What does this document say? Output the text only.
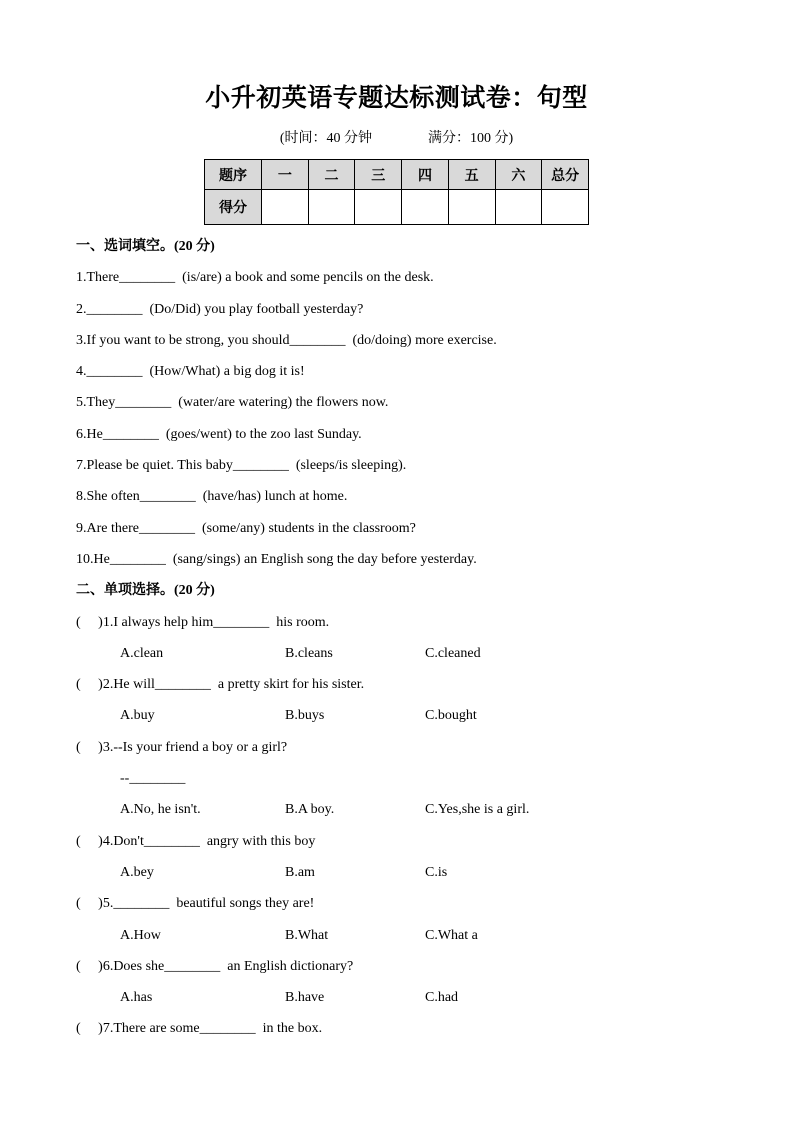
小升初英语专题达标测试卷：句型
(时间：40 分钟　　　　满分：100 分)
题序	一	二	三	四	五	六	总分
得分							
一、选词填空。(20 分)
1.There________  (is/are) a book and some pencils on the desk.
2.________  (Do/Did) you play football yesterday?
3.If you want to be strong, you should________  (do/doing) more exercise.
4.________  (How/What) a big dog it is!
5.They________  (water/are watering) the flowers now.
6.He________  (goes/went) to the zoo last Sunday.
7.Please be quiet. This baby________  (sleeps/is sleeping).
8.She often________  (have/has) lunch at home.
9.Are there________  (some/any) students in the classroom?
10.He________  (sang/sings) an English song the day before yesterday.
二、单项选择。(20 分)
(　 )1.I always help him________  his room.
A.clean	B.cleans	C.cleaned
(　 )2.He will________  a pretty skirt for his sister.
A.buy	B.buys	C.bought
(　 )3.--Is your friend a boy or a girl?
--________
A.No, he isn't.	B.A boy.	C.Yes,she is a girl.
(　 )4.Don't________  angry with this boy
A.bey	B.am	C.is
(　 )5.________  beautiful songs they are!
A.How	B.What	C.What a
(　 )6.Does she________  an English dictionary?
A.has	B.have	C.had
(　 )7.There are some________  in the box.
